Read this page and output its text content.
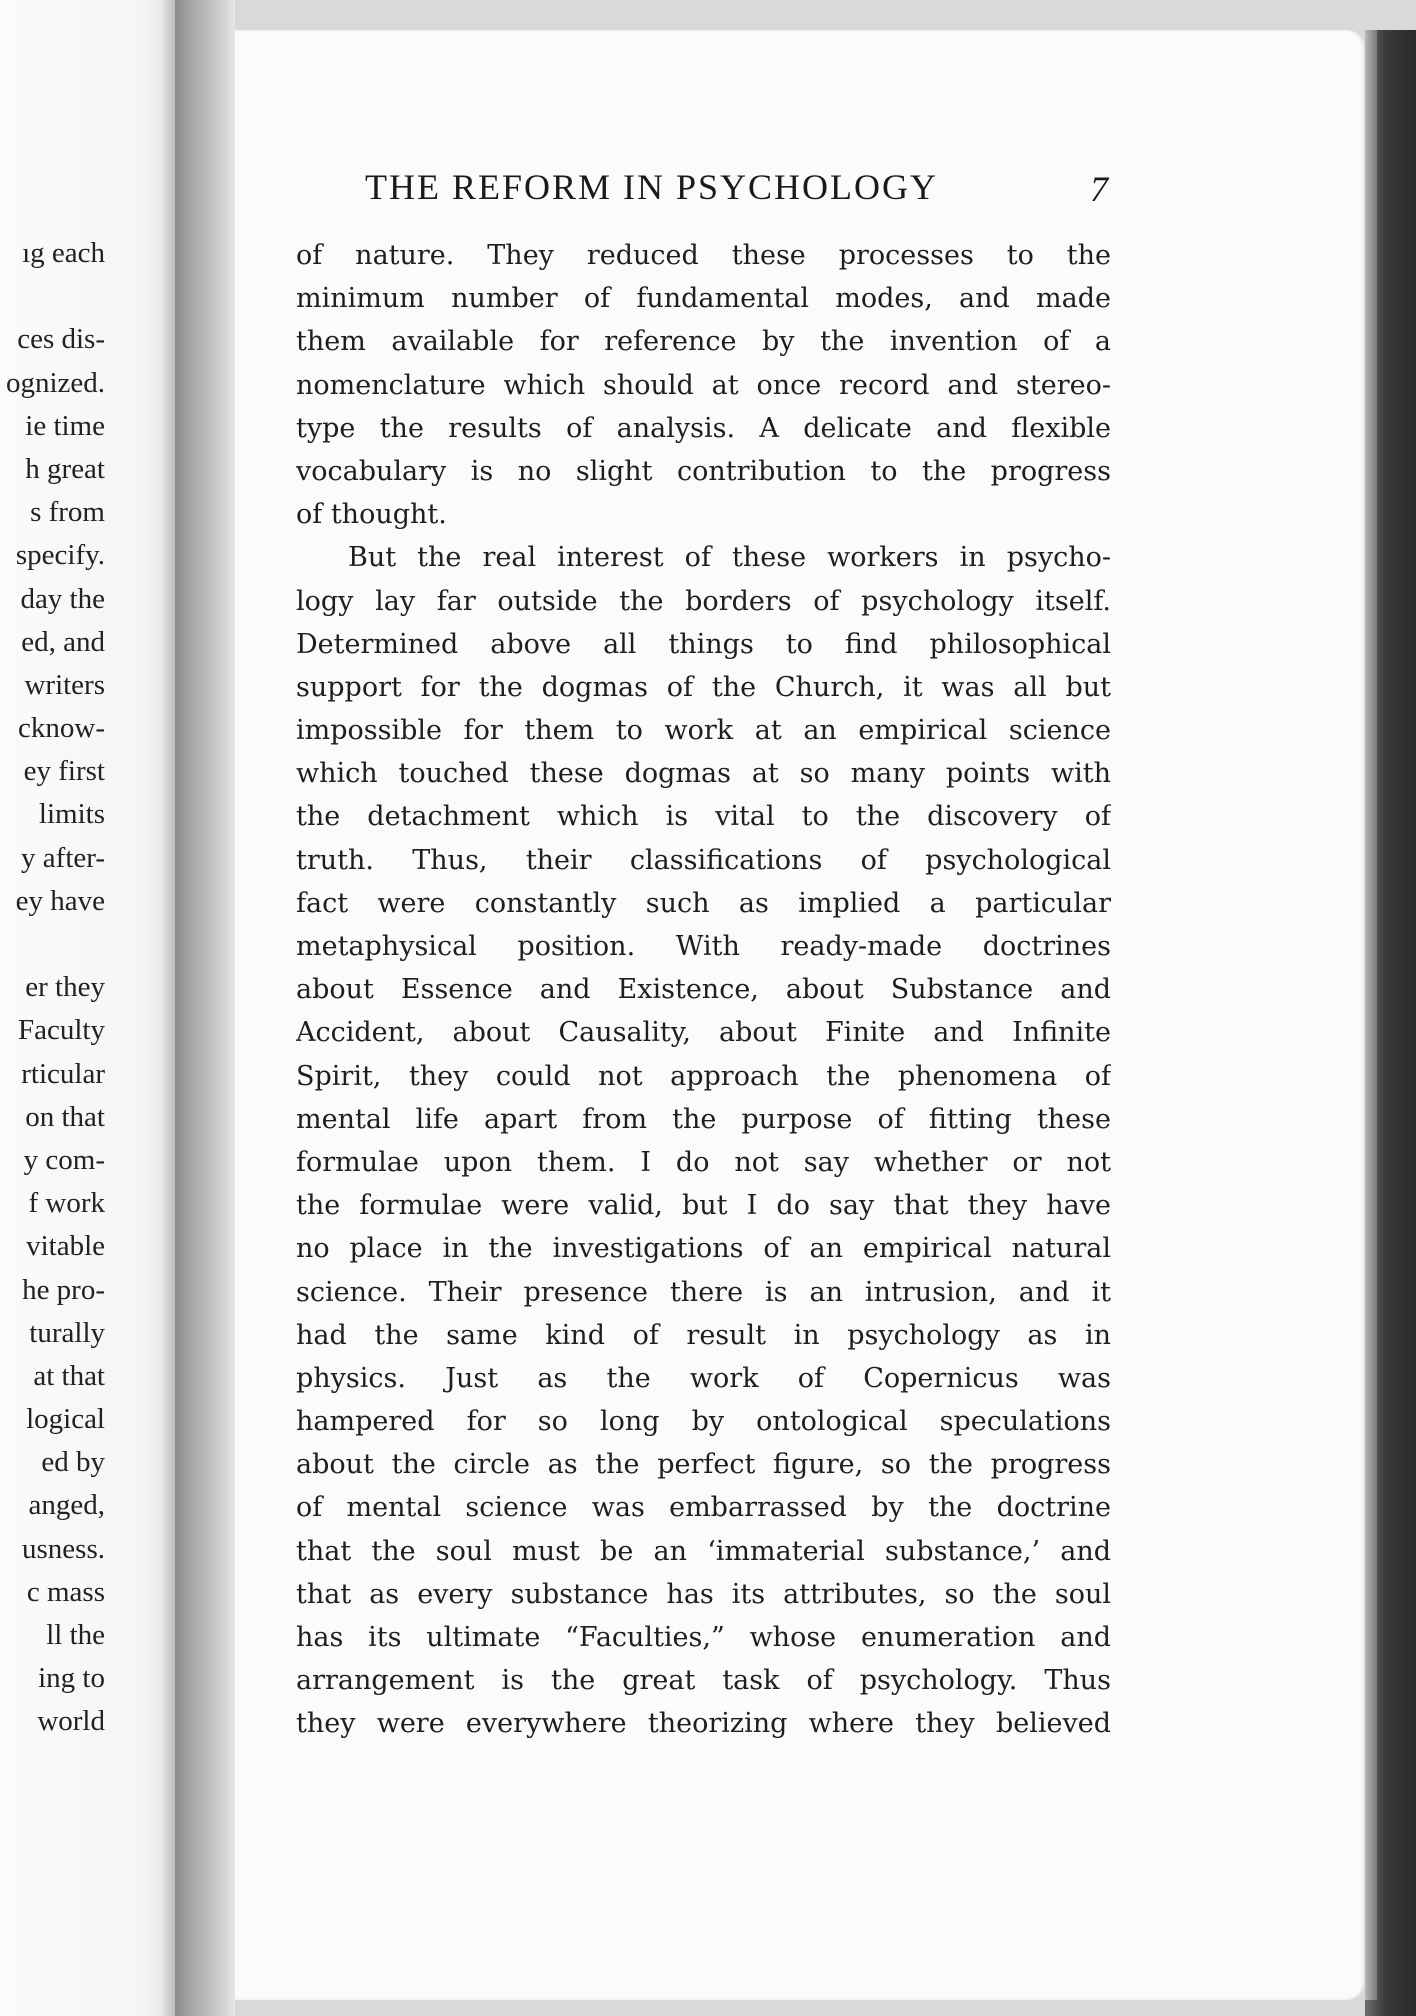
ıg each
ces dis-
ognized.
ie time
h great
s from
specify.
day the
ed, and
writers
cknow-
ey first
limits
y after-
ey have
er they
Faculty
rticular
on that
y com-
f work
vitable
he pro-
turally
at that
logical
ed by
anged,
usness.
c mass
ll the
ing to
world
THE REFORM IN PSYCHOLOGY	7
of nature. They reduced these processes to the
minimum number of fundamental modes, and made
them available for reference by the invention of a
nomenclature which should at once record and stereo-
type the results of analysis. A delicate and flexible
vocabulary is no slight contribution to the progress
of thought.
But the real interest of these workers in psycho-
logy lay far outside the borders of psychology itself.
Determined above all things to find philosophical
support for the dogmas of the Church, it was all but
impossible for them to work at an empirical science
which touched these dogmas at so many points with
the detachment which is vital to the discovery of
truth. Thus, their classifications of psychological
fact were constantly such as implied a particular
metaphysical position. With ready-made doctrines
about Essence and Existence, about Substance and
Accident, about Causality, about Finite and Infinite
Spirit, they could not approach the phenomena of
mental life apart from the purpose of fitting these
formulae upon them. I do not say whether or not
the formulae were valid, but I do say that they have
no place in the investigations of an empirical natural
science. Their presence there is an intrusion, and it
had the same kind of result in psychology as in
physics. Just as the work of Copernicus was
hampered for so long by ontological speculations
about the circle as the perfect figure, so the progress
of mental science was embarrassed by the doctrine
that the soul must be an ‘immaterial substance,’ and
that as every substance has its attributes, so the soul
has its ultimate “Faculties,” whose enumeration and
arrangement is the great task of psychology. Thus
they were everywhere theorizing where they believed
